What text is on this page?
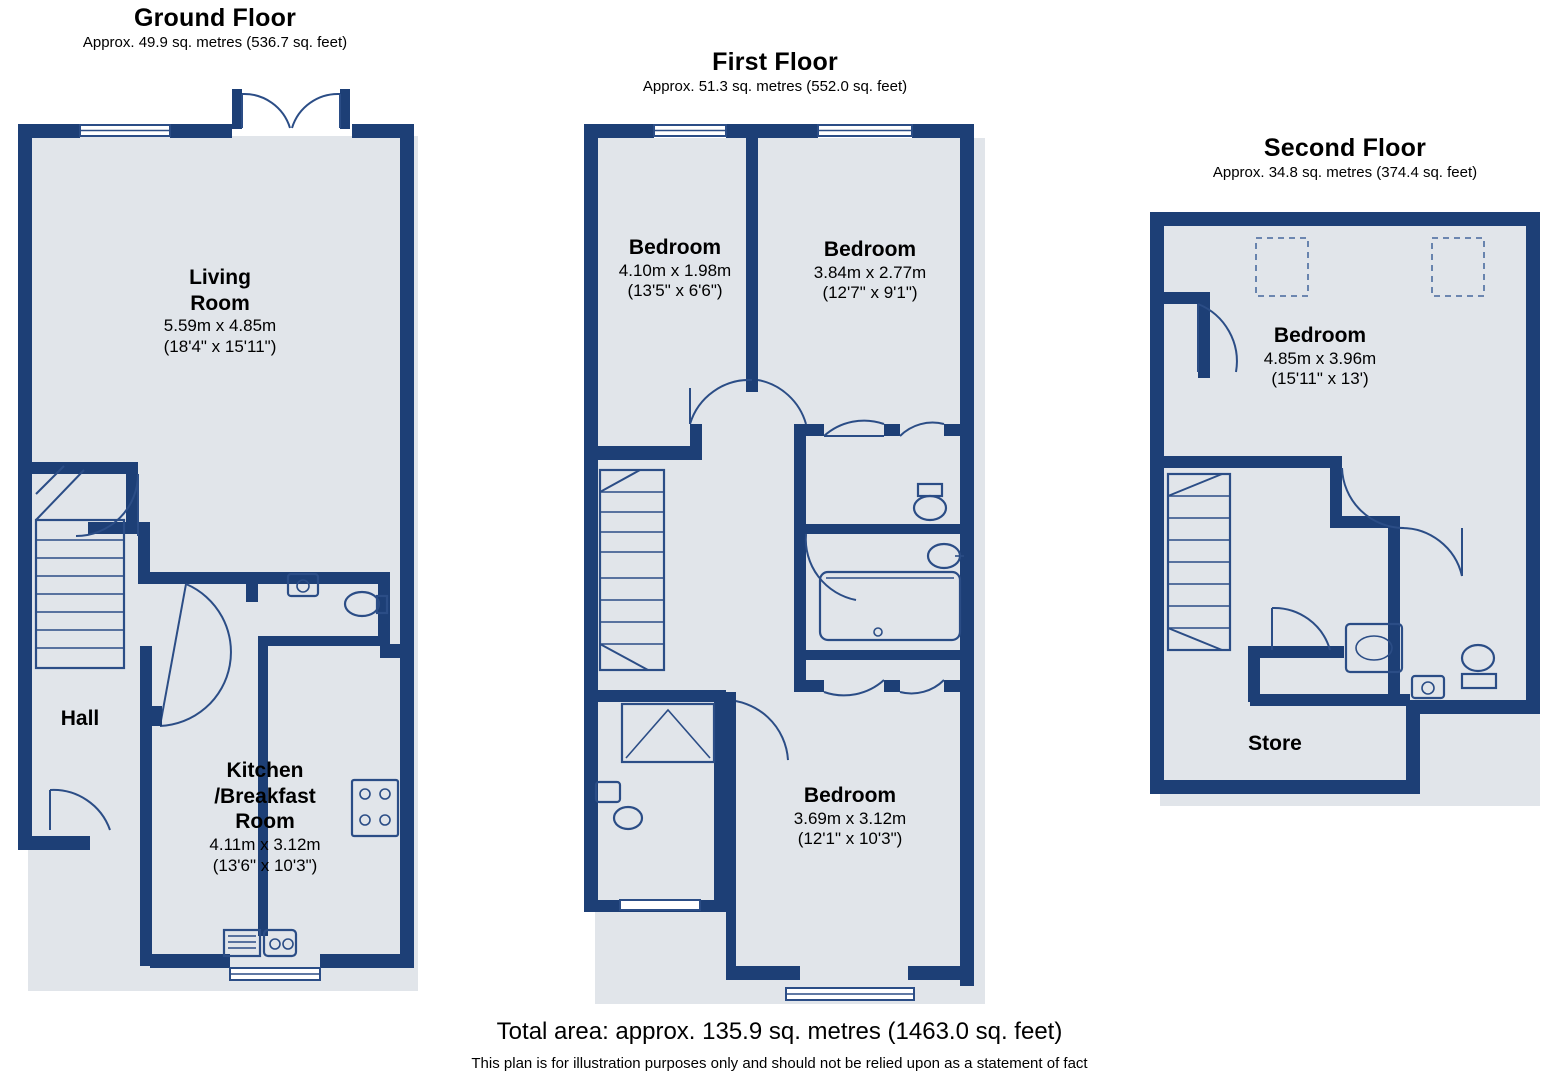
Ground Floor
Approx. 49.9 sq. metres (536.7 sq. feet)
First Floor
Approx. 51.3 sq. metres (552.0 sq. feet)
Second Floor
Approx. 34.8 sq. metres (374.4 sq. feet)
Living
Room
5.59m x 4.85m
(18'4" x 15'11")
Hall
Kitchen
/Breakfast
Room
4.11m x 3.12m
(13'6" x 10'3")
Bedroom
4.10m x 1.98m
(13'5" x 6'6")
Bedroom
3.84m x 2.77m
(12'7" x 9'1")
Bedroom
3.69m x 3.12m
(12'1" x 10'3")
Bedroom
4.85m x 3.96m
(15'11" x 13')
Store
Total area: approx. 135.9 sq. metres (1463.0 sq. feet)
This plan is for illustration purposes only and should not be relied upon as a statement of fact
